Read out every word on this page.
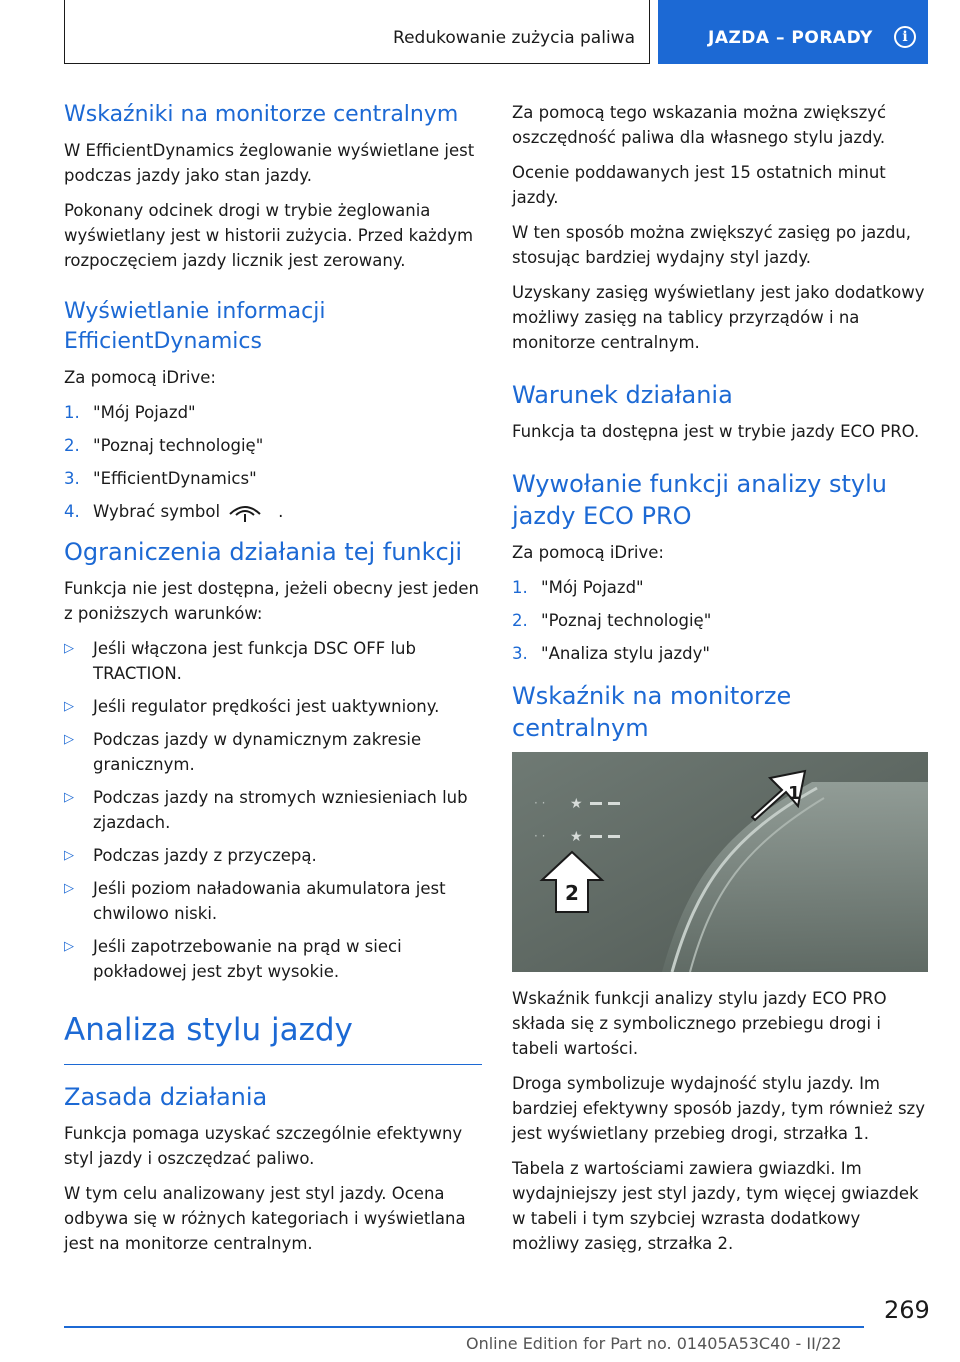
Redukowanie zużycia paliwa	JAZDA – PORADY	i
Wskaźniki na monitorze centralnym

W EfficientDynamics żeglowanie wyświetlane jest podczas jazdy jako stan jazdy.

Pokonany odcinek drogi w trybie żeglowania wyświetlany jest w historii zużycia. Przed każdym rozpoczęciem jazdy licznik jest zerowany.

Wyświetlanie informacji EfficientDynamics

Za pomocą iDrive:

1. "Mój Pojazd"
2. "Poznaj technologię"
3. "EfficientDynamics"
4. Wybrać symbol	.
Ograniczenia działania tej funkcji

Funkcja nie jest dostępna, jeżeli obecny jest jeden z poniższych warunków:

▷ Jeśli włączona jest funkcja DSC OFF lub TRACTION.
▷ Jeśli regulator prędkości jest uaktywniony.
▷ Podczas jazdy w dynamicznym zakresie granicznym.
▷ Podczas jazdy na stromych wzniesieniach lub zjazdach.
▷ Podczas jazdy z przyczepą.
▷ Jeśli poziom naładowania akumulatora jest chwilowo niski.
▷ Jeśli zapotrzebowanie na prąd w sieci pokładowej jest zbyt wysokie.
Analiza stylu jazdy
Zasada działania

Funkcja pomaga uzyskać szczególnie efektywny styl jazdy i oszczędzać paliwo.

W tym celu analizowany jest styl jazdy. Ocena odbywa się w różnych kategoriach i wyświetlana jest na monitorze centralnym.

Za pomocą tego wskazania można zwiększyć oszczędność paliwa dla własnego stylu jazdy.

Ocenie poddawanych jest 15 ostatnich minut jazdy.

W ten sposób można zwiększyć zasięg po jazdu, stosując bardziej wydajny styl jazdy.

Uzyskany zasięg wyświetlany jest jako dodatkowy możliwy zasięg na tablicy przyrządów i na monitorze centralnym.

Warunek działania

Funkcja ta dostępna jest w trybie jazdy ECO PRO.

Wywołanie funkcji analizy stylu jazdy ECO PRO

Za pomocą iDrive:

1. "Mój Pojazd"
2. "Poznaj technologię"
3. "Analiza stylu jazdy"
Wskaźnik na monitorze centralnym
· · ★
· · ★
1
2

Wskaźnik funkcji analizy stylu jazdy ECO PRO składa się z symbolicznego przebiegu drogi i tabeli wartości.

Droga symbolizuje wydajność stylu jazdy. Im bardziej efektywny sposób jazdy, tym również szy jest wyświetlany przebieg drogi, strzałka 1.

Tabela z wartościami zawiera gwiazdki. Im wydajniejszy jest styl jazdy, tym więcej gwiazdek w tabeli i tym szybciej wzrasta dodatkowy możliwy zasięg, strzałka 2.

269
Online Edition for Part no. 01405A53C40 - II/22
